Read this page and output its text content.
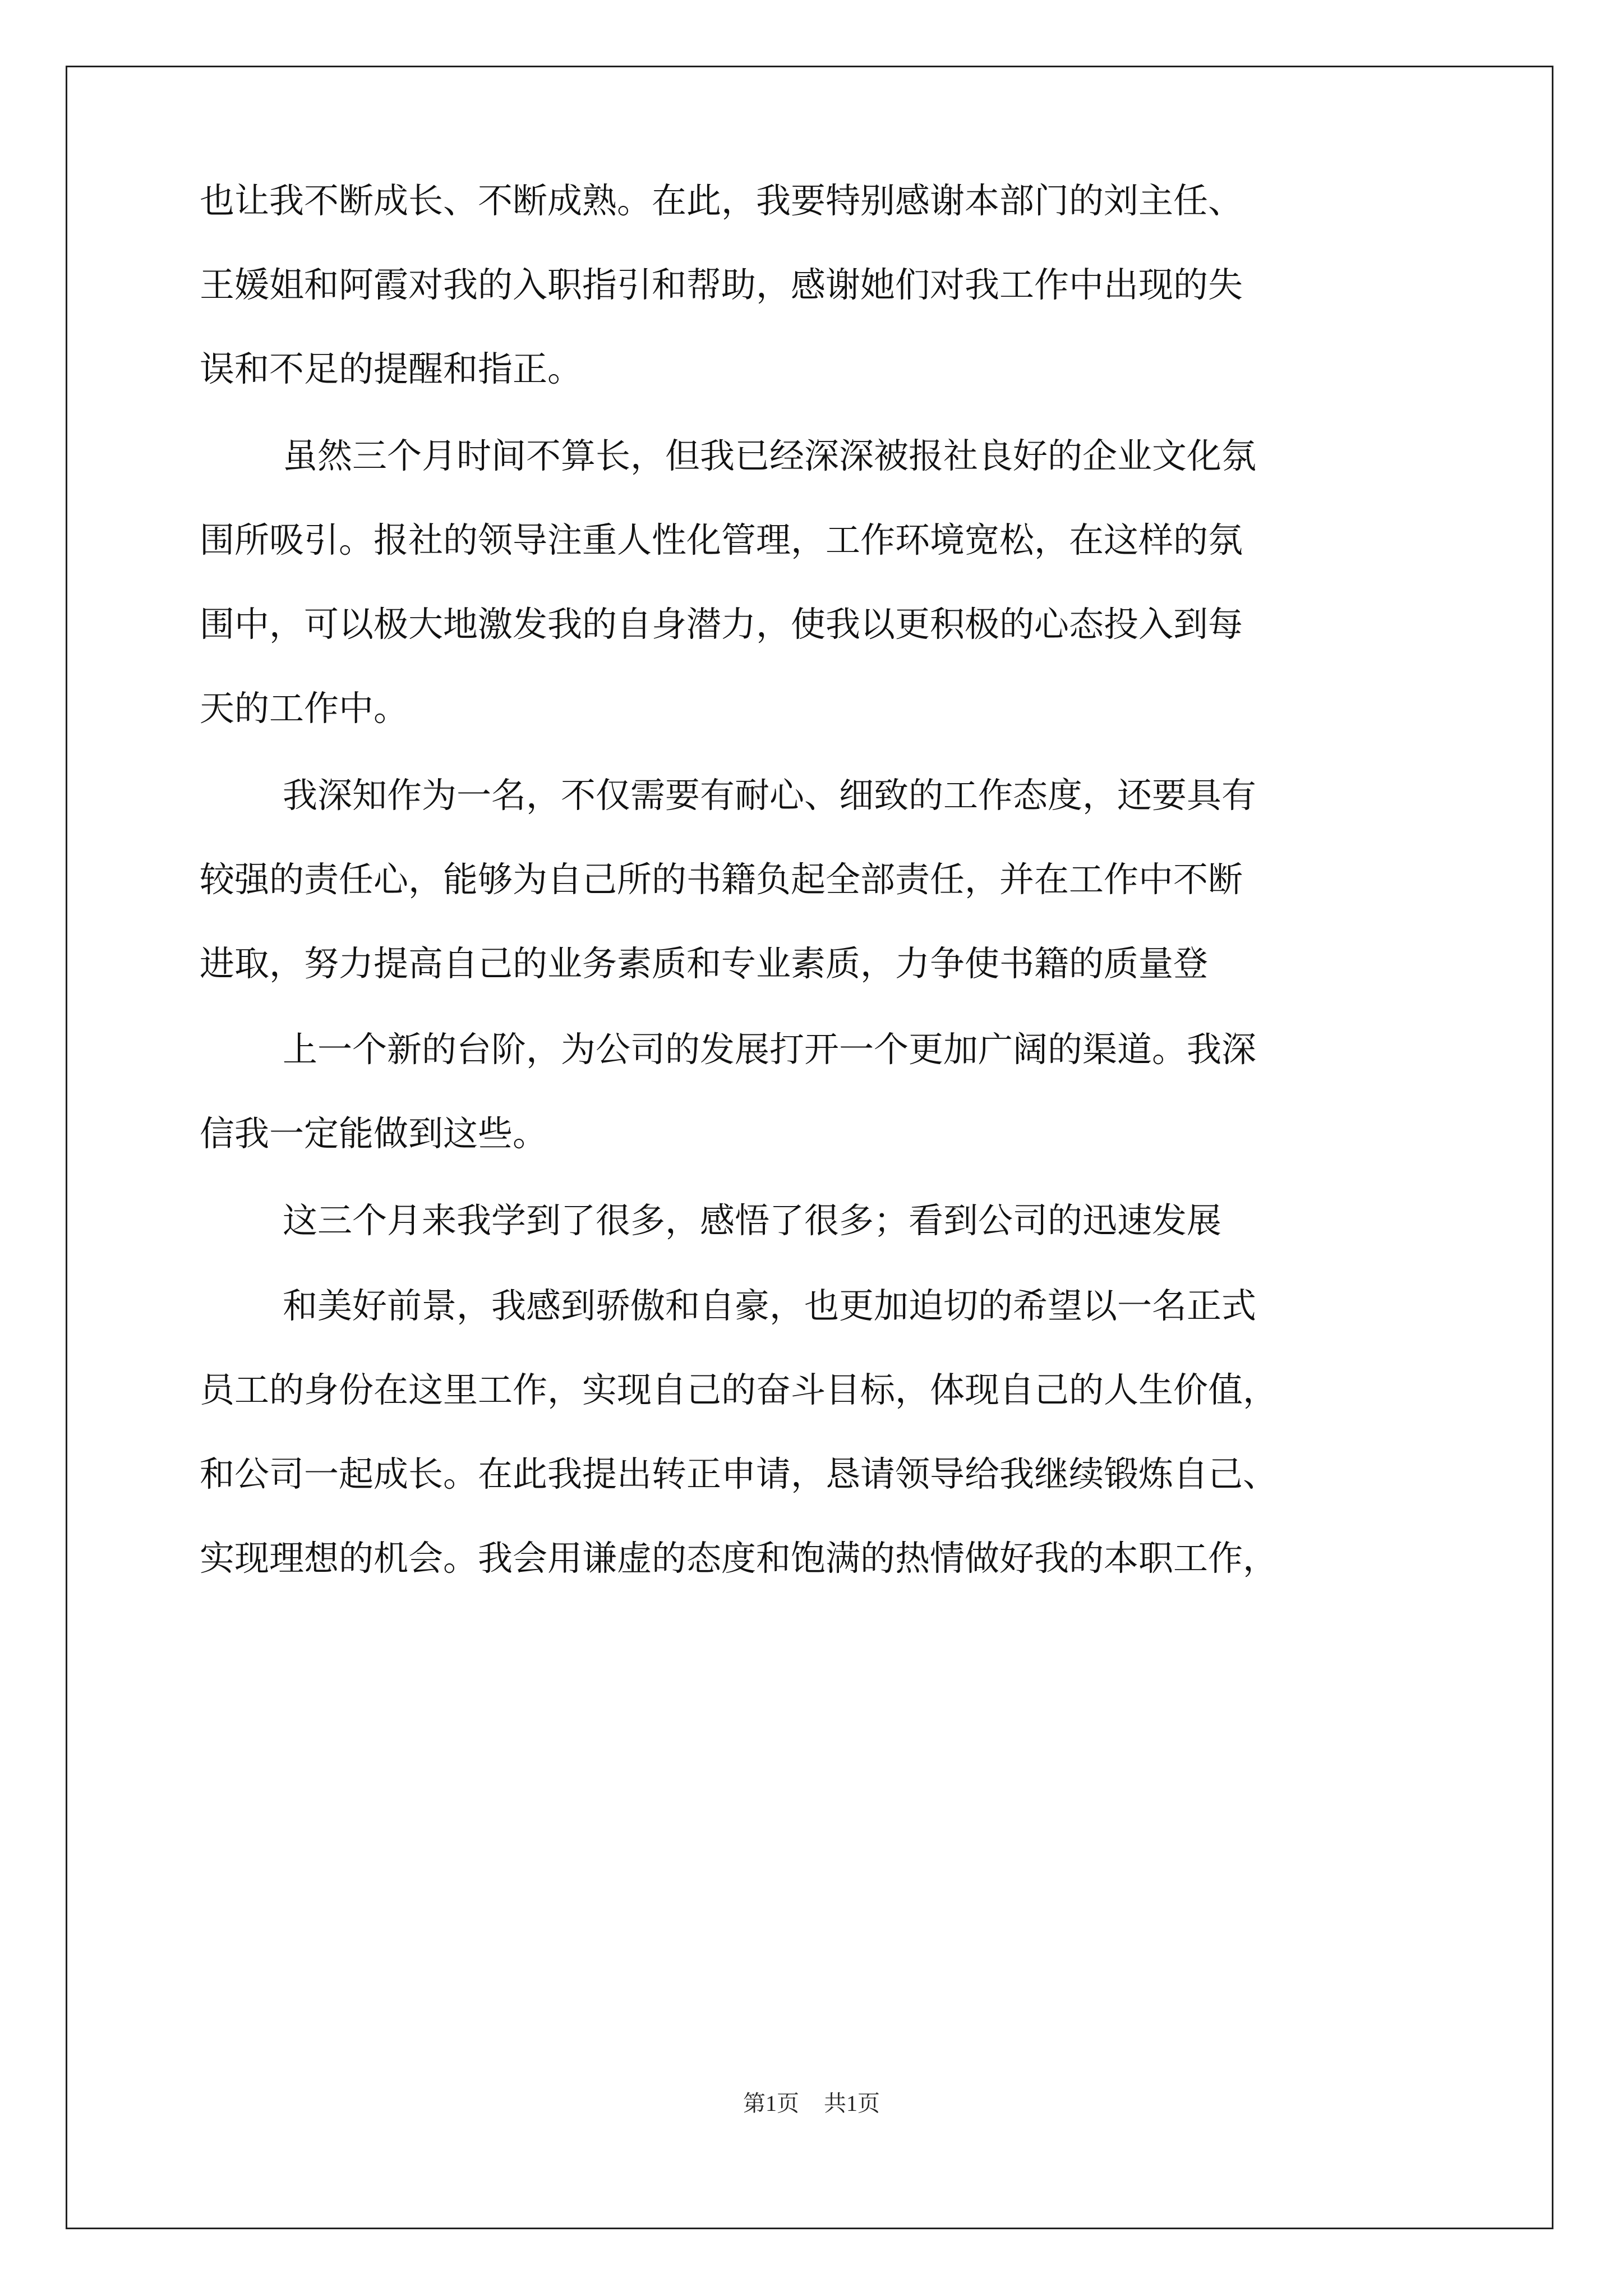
也让我不断成长、不断成熟。在此，我要特别感谢本部门的刘主任、
王媛姐和阿霞对我的入职指引和帮助，感谢她们对我工作中出现的失
误和不足的提醒和指正。
虽然三个月时间不算长，但我已经深深被报社良好的企业文化氛
围所吸引。报社的领导注重人性化管理，工作环境宽松，在这样的氛
围中，可以极大地激发我的自身潜力，使我以更积极的心态投入到每
天的工作中。
我深知作为一名，不仅需要有耐心、细致的工作态度，还要具有
较强的责任心，能够为自己所的书籍负起全部责任，并在工作中不断
进取，努力提高自己的业务素质和专业素质，力争使书籍的质量登
上一个新的台阶，为公司的发展打开一个更加广阔的渠道。我深
信我一定能做到这些。
这三个月来我学到了很多，感悟了很多；看到公司的迅速发展
和美好前景，我感到骄傲和自豪，也更加迫切的希望以一名正式
员工的身份在这里工作，实现自己的奋斗目标，体现自己的人生价值，
和公司一起成长。在此我提出转正申请，恳请领导给我继续锻炼自己、
实现理想的机会。我会用谦虚的态度和饱满的热情做好我的本职工作，
第1页 共1页
